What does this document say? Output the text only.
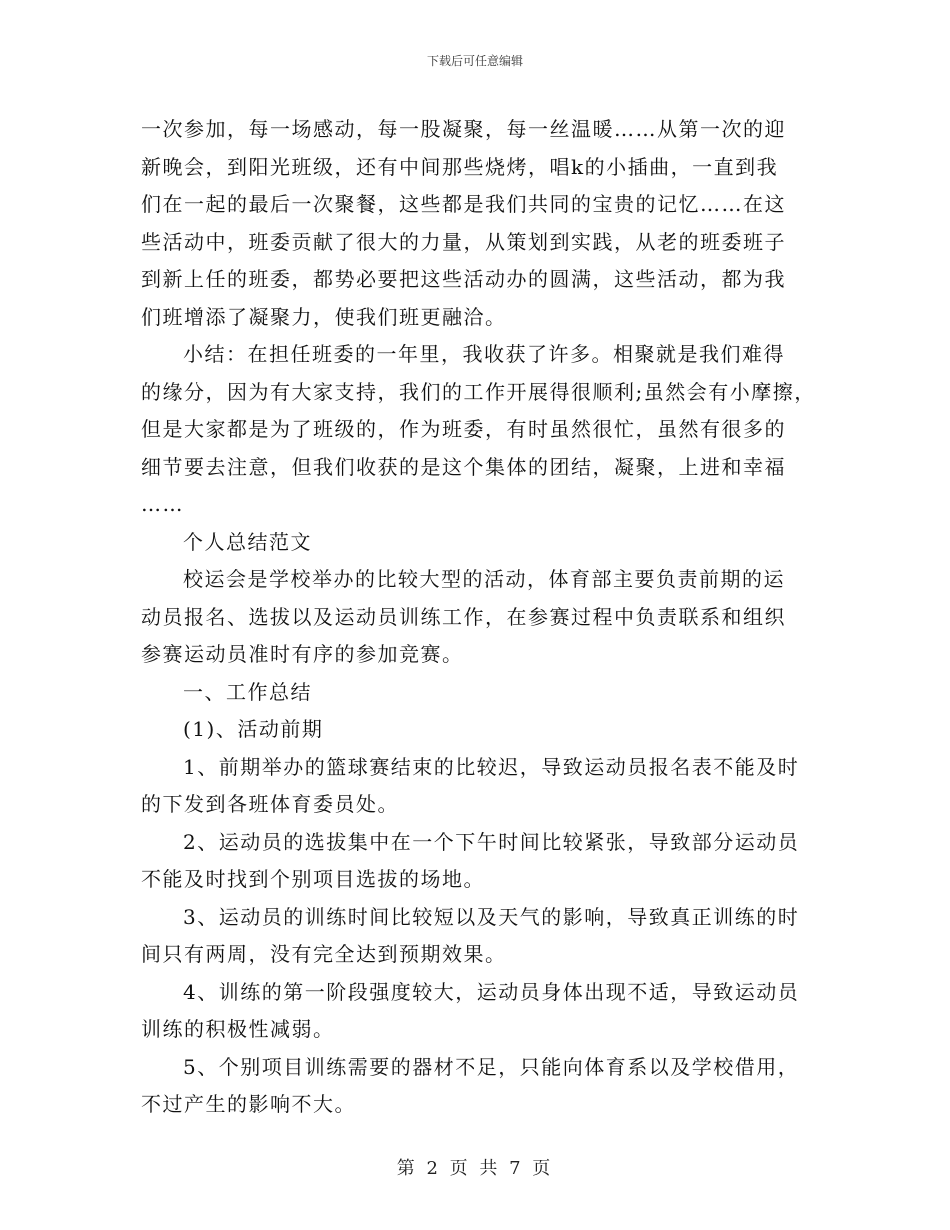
下载后可任意编辑
一次参加，每一场感动，每一股凝聚，每一丝温暖……从第一次的迎
新晚会，到阳光班级，还有中间那些烧烤，唱k的小插曲，一直到我
们在一起的最后一次聚餐，这些都是我们共同的宝贵的记忆……在这
些活动中，班委贡献了很大的力量，从策划到实践，从老的班委班子
到新上任的班委，都势必要把这些活动办的圆满，这些活动，都为我
们班增添了凝聚力，使我们班更融洽。
小结：在担任班委的一年里，我收获了许多。相聚就是我们难得
的缘分，因为有大家支持，我们的工作开展得很顺利;虽然会有小摩擦，
但是大家都是为了班级的，作为班委，有时虽然很忙，虽然有很多的
细节要去注意，但我们收获的是这个集体的团结，凝聚，上进和幸福
……
个人总结范文
校运会是学校举办的比较大型的活动，体育部主要负责前期的运
动员报名、选拔以及运动员训练工作，在参赛过程中负责联系和组织
参赛运动员准时有序的参加竞赛。
一、工作总结
(1)、活动前期
1、前期举办的篮球赛结束的比较迟，导致运动员报名表不能及时
的下发到各班体育委员处。
2、运动员的选拔集中在一个下午时间比较紧张，导致部分运动员
不能及时找到个别项目选拔的场地。
3、运动员的训练时间比较短以及天气的影响，导致真正训练的时
间只有两周，没有完全达到预期效果。
4、训练的第一阶段强度较大，运动员身体出现不适，导致运动员
训练的积极性减弱。
5、个别项目训练需要的器材不足，只能向体育系以及学校借用，
不过产生的影响不大。
第 2 页 共 7 页
